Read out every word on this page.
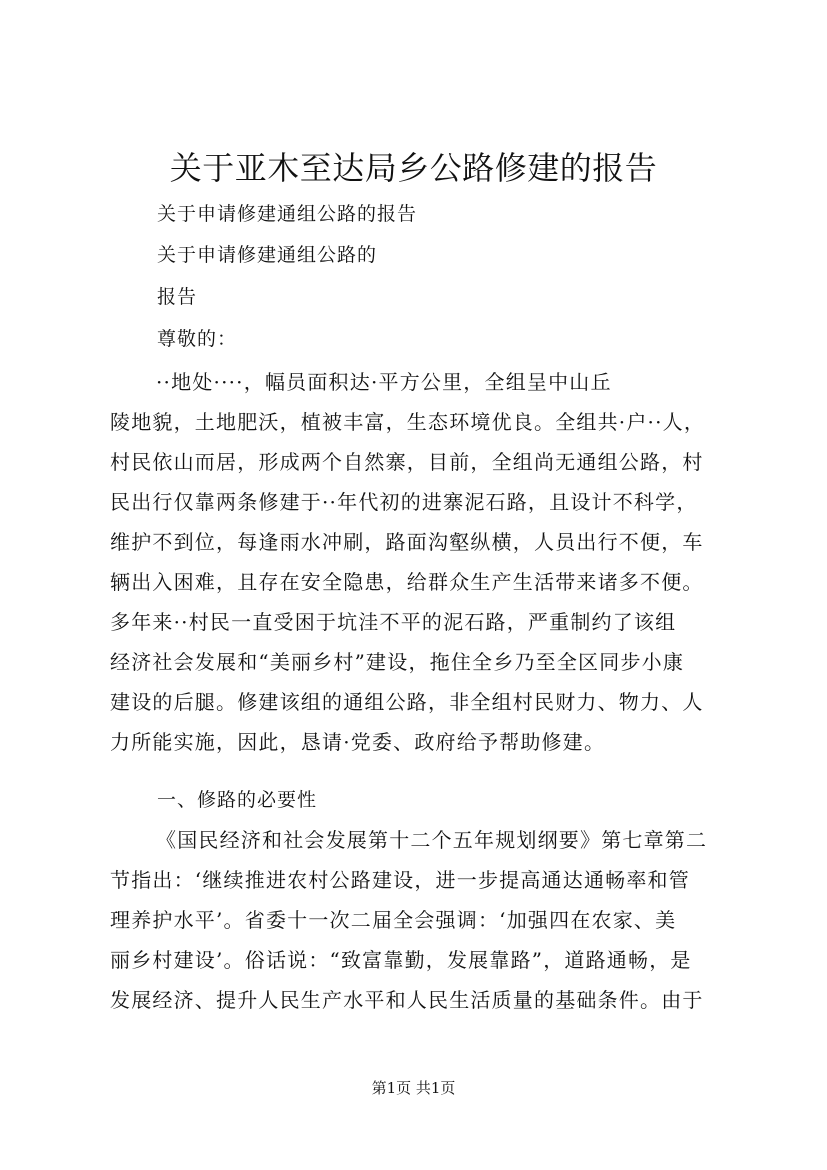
关于亚木至达局乡公路修建的报告
关于申请修建通组公路的报告
关于申请修建通组公路的
报告
尊敬的：
··地处····，幅员面积达·平方公里，全组呈中山丘
陵地貌，土地肥沃，植被丰富，生态环境优良。全组共·户··人，
村民依山而居，形成两个自然寨，目前，全组尚无通组公路，村
民出行仅靠两条修建于··年代初的进寨泥石路，且设计不科学，
维护不到位，每逢雨水冲刷，路面沟壑纵横，人员出行不便，车
辆出入困难，且存在安全隐患，给群众生产生活带来诸多不便。
多年来··村民一直受困于坑洼不平的泥石路，严重制约了该组
经济社会发展和“美丽乡村”建设，拖住全乡乃至全区同步小康
建设的后腿。修建该组的通组公路，非全组村民财力、物力、人
力所能实施，因此，恳请·党委、政府给予帮助修建。
一、修路的必要性
《国民经济和社会发展第十二个五年规划纲要》第七章第二
节指出：‘继续推进农村公路建设，进一步提高通达通畅率和管
理养护水平’。省委十一次二届全会强调：‘加强四在农家、美
丽乡村建设’。俗话说：“致富靠勤，发展靠路”，道路通畅，是
发展经济、提升人民生产水平和人民生活质量的基础条件。由于
第1页 共1页
